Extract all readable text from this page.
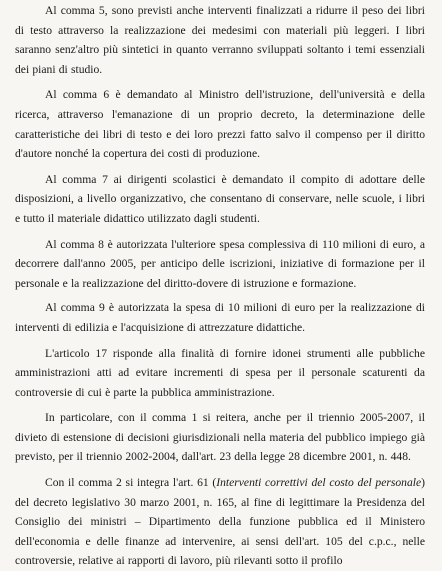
Al comma 5, sono previsti anche interventi finalizzati a ridurre il peso dei libri di testo attraverso la realizzazione dei medesimi con materiali più leggeri. I libri saranno senz'altro più sintetici in quanto verranno sviluppati soltanto i temi essenziali dei piani di studio.

Al comma 6 è demandato al Ministro dell'istruzione, dell'università e della ricerca, attraverso l'emanazione di un proprio decreto, la determinazione delle caratteristiche dei libri di testo e dei loro prezzi fatto salvo il compenso per il diritto d'autore nonché la copertura dei costi di produzione.

Al comma 7 ai dirigenti scolastici è demandato il compito di adottare delle disposizioni, a livello organizzativo, che consentano di conservare, nelle scuole, i libri e tutto il materiale didattico utilizzato dagli studenti.

Al comma 8 è autorizzata l'ulteriore spesa complessiva di 110 milioni di euro, a decorrere dall'anno 2005, per anticipo delle iscrizioni, iniziative di formazione per il personale e la realizzazione del diritto-dovere di istruzione e formazione.

Al comma 9 è autorizzata la spesa di 10 milioni di euro per la realizzazione di interventi di edilizia e l'acquisizione di attrezzature didattiche.

L'articolo 17 risponde alla finalità di fornire idonei strumenti alle pubbliche amministrazioni atti ad evitare incrementi di spesa per il personale scaturenti da controversie di cui è parte la pubblica amministrazione.

In particolare, con il comma 1 si reitera, anche per il triennio 2005-2007, il divieto di estensione di decisioni giurisdizionali nella materia del pubblico impiego già previsto, per il triennio 2002-2004, dall'art. 23 della legge 28 dicembre 2001, n. 448.

Con il comma 2 si integra l'art. 61 (Interventi correttivi del costo del personale) del decreto legislativo 30 marzo 2001, n. 165, al fine di legittimare la Presidenza del Consiglio dei ministri – Dipartimento della funzione pubblica ed il Ministero dell'economia e delle finanze ad intervenire, ai sensi dell'art. 105 del c.p.c., nelle controversie, relative ai rapporti di lavoro, più rilevanti sotto il profilo
